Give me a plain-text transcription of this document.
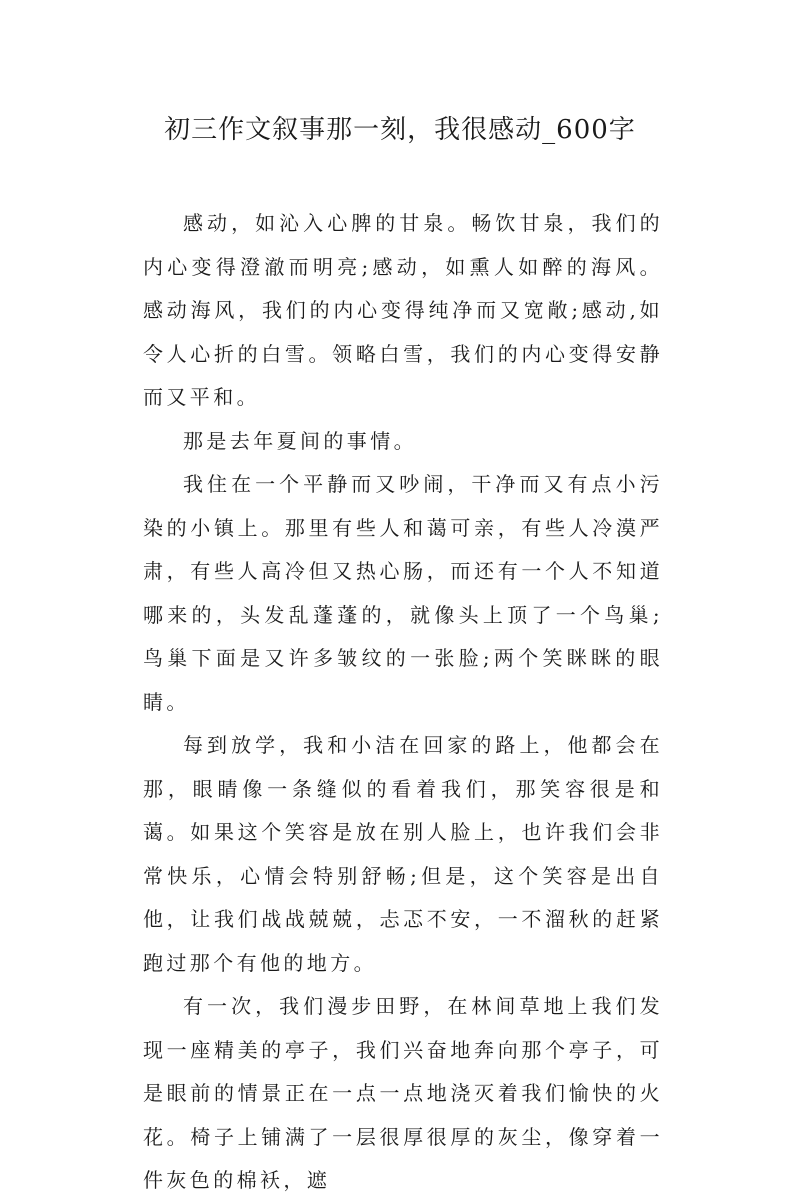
初三作文叙事那一刻，我很感动_600字

感动，如沁入心脾的甘泉。畅饮甘泉，我们的内心变得澄澈而明亮;感动，如熏人如醉的海风。感动海风，我们的内心变得纯净而又宽敞;感动,如令人心折的白雪。领略白雪，我们的内心变得安静而又平和。

那是去年夏间的事情。

我住在一个平静而又吵闹，干净而又有点小污染的小镇上。那里有些人和蔼可亲，有些人冷漠严肃，有些人高冷但又热心肠，而还有一个人不知道哪来的，头发乱蓬蓬的，就像头上顶了一个鸟巢;鸟巢下面是又许多皱纹的一张脸;两个笑眯眯的眼睛。

每到放学，我和小洁在回家的路上，他都会在那，眼睛像一条缝似的看着我们，那笑容很是和蔼。如果这个笑容是放在别人脸上，也许我们会非常快乐，心情会特别舒畅;但是，这个笑容是出自他，让我们战战兢兢，忐忑不安，一不溜秋的赶紧跑过那个有他的地方。

有一次，我们漫步田野，在林间草地上我们发现一座精美的亭子，我们兴奋地奔向那个亭子，可是眼前的情景正在一点一点地浇灭着我们愉快的火花。椅子上铺满了一层很厚很厚的灰尘，像穿着一件灰色的棉袄，遮
